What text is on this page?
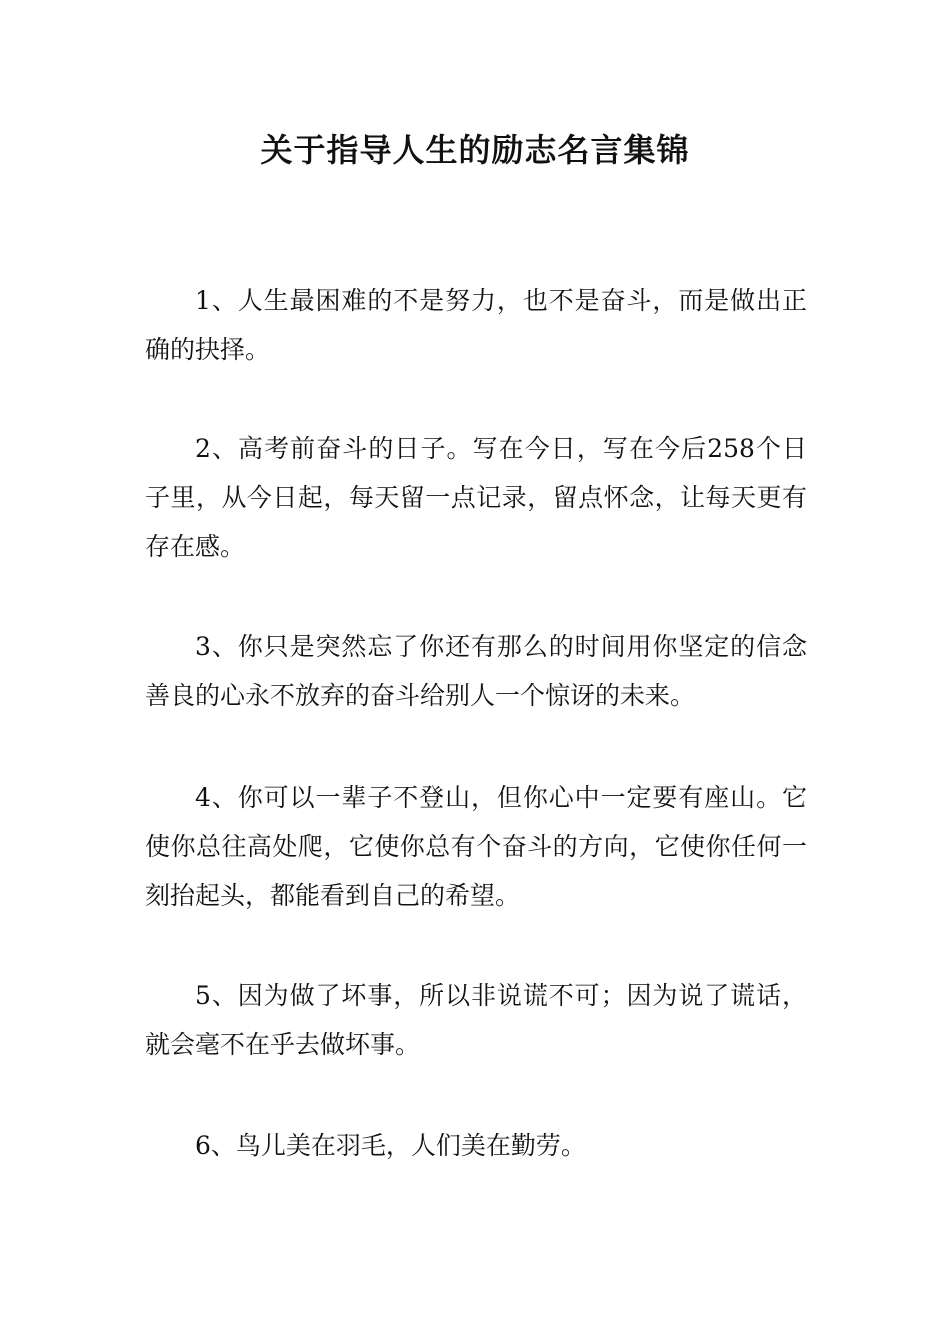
关于指导人生的励志名言集锦

1、人生最困难的不是努力，也不是奋斗，而是做出正确的抉择。

2、高考前奋斗的日子。写在今日，写在今后258个日子里，从今日起，每天留一点记录，留点怀念，让每天更有存在感。

3、你只是突然忘了你还有那么的时间用你坚定的信念善良的心永不放弃的奋斗给别人一个惊讶的未来。

4、你可以一辈子不登山，但你心中一定要有座山。它使你总往高处爬，它使你总有个奋斗的方向，它使你任何一刻抬起头，都能看到自己的希望。

5、因为做了坏事，所以非说谎不可；因为说了谎话，就会毫不在乎去做坏事。

6、鸟儿美在羽毛，人们美在勤劳。
